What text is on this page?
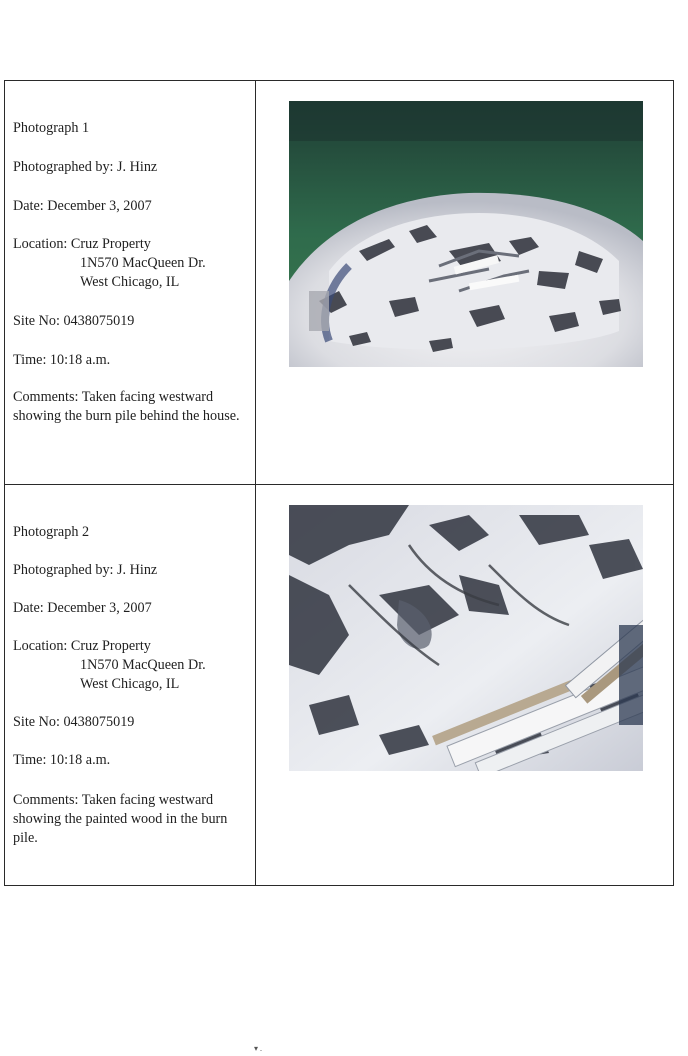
Photograph 1
Photographed by: J. Hinz
Date: December 3, 2007
Location: Cruz Property
1N570 MacQueen Dr.
West Chicago, IL
Site No: 0438075019
Time: 10:18 a.m.
Comments: Taken facing westward showing the burn pile behind the house.
Photograph 2
Photographed by: J. Hinz
Date: December 3, 2007
Location: Cruz Property
1N570 MacQueen Dr.
West Chicago, IL
Site No: 0438075019
Time: 10:18 a.m.
Comments: Taken facing westward showing the painted wood in the burn pile.
▾ .
